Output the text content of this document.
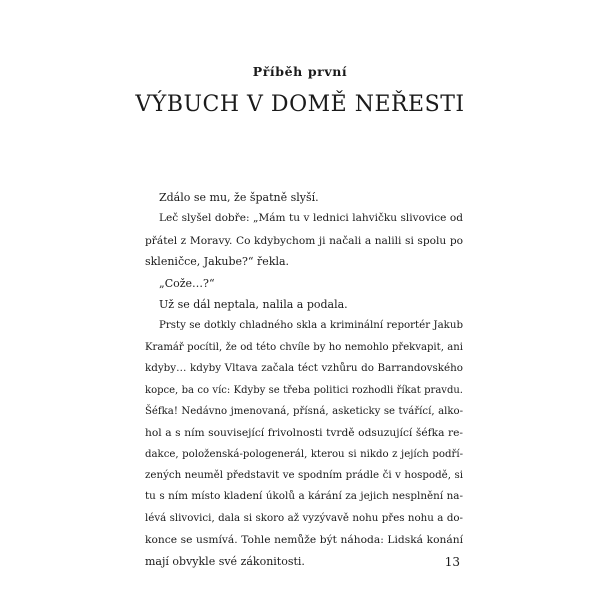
Příběh první
VÝBUCH V DOMĚ NEŘESTI
Zdálo se mu, že špatně slyší.
Leč slyšel dobře: „Mám tu v lednici lahvičku slivovice od
přátel z Moravy. Co kdybychom ji načali a nalili si spolu po
skleničce, Jakube?“ řekla.
„Cože…?“
Už se dál neptala, nalila a podala.
Prsty se dotkly chladného skla a kriminální reportér Jakub
Kramář pocítil, že od této chvíle by ho nemohlo překvapit, ani
kdyby… kdyby Vltava začala téct vzhůru do Barrandovského
kopce, ba co víc: Kdyby se třeba politici rozhodli říkat pravdu.
Šéfka! Nedávno jmenovaná, přísná, asketicky se tvářící, alko-
hol a s ním související frivolnosti tvrdě odsuzující šéfka re-
dakce, položenská-pologenerál, kterou si nikdo z jejích podří-
zených neuměl představit ve spodním prádle či v hospodě, si
tu s ním místo kladení úkolů a kárání za jejich nesplnění na-
lévá slivovici, dala si skoro až vyzývavě nohu přes nohu a do-
konce se usmívá. Tohle nemůže být náhoda: Lidská konání
mají obvykle své zákonitosti.	13
